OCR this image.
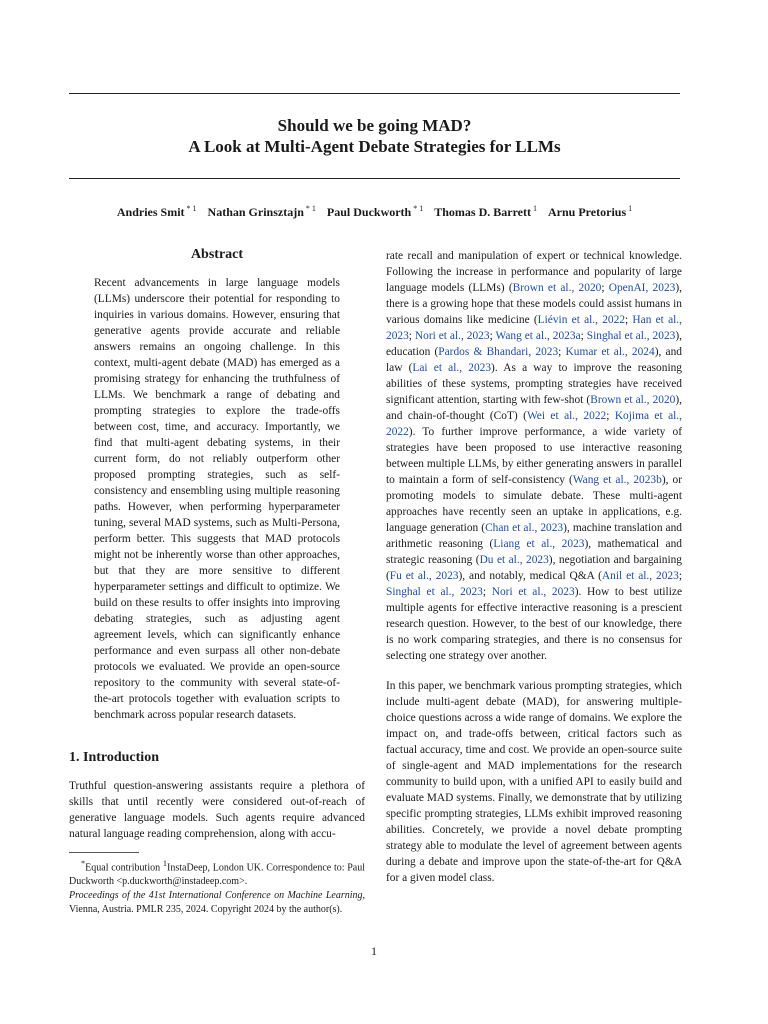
Should we be going MAD?
A Look at Multi-Agent Debate Strategies for LLMs
Andries Smit $^{* 1}$ Nathan Grinsztajn $^{* 1}$ Paul Duckworth $^{* 1}$ Thomas D. Barrett $^1$ Arnu Pretorius $^1$
Abstract

Recent advancements in large language models (LLMs) underscore their potential for responding to inquiries in various domains. However, ensuring that generative agents provide accurate and reliable answers remains an ongoing challenge. In this context, multi-agent debate (MAD) has emerged as a promising strategy for enhancing the truthfulness of LLMs. We benchmark a range of debating and prompting strategies to explore the trade-offs between cost, time, and accuracy. Importantly, we find that multi-agent debating systems, in their current form, do not reliably outperform other proposed prompting strategies, such as self-consistency and ensembling using multiple reasoning paths. However, when performing hyperparameter tuning, several MAD systems, such as Multi-Persona, perform better. This suggests that MAD protocols might not be inherently worse than other approaches, but that they are more sensitive to different hyperparameter settings and difficult to optimize. We build on these results to offer insights into improving debating strategies, such as adjusting agent agreement levels, which can significantly enhance performance and even surpass all other non-debate protocols we evaluated. We provide an open-source repository to the community with several state-of-the-art protocols together with evaluation scripts to benchmark across popular research datasets.

1. Introduction

Truthful question-answering assistants require a plethora of skills that until recently were considered out-of-reach of generative language models. Such agents require advanced natural language reading comprehension, along with accu-

*Equal contribution $^1$InstaDeep, London UK. Correspondence to: Paul Duckworth <p.duckworth@instadeep.com>.

Proceedings of the 41st International Conference on Machine Learning, Vienna, Austria. PMLR 235, 2024. Copyright 2024 by the author(s).

rate recall and manipulation of expert or technical knowledge. Following the increase in performance and popularity of large language models (LLMs) (Brown et al., 2020; OpenAI, 2023), there is a growing hope that these models could assist humans in various domains like medicine (Liévin et al., 2022; Han et al., 2023; Nori et al., 2023; Wang et al., 2023a; Singhal et al., 2023), education (Pardos & Bhandari, 2023; Kumar et al., 2024), and law (Lai et al., 2023). As a way to improve the reasoning abilities of these systems, prompting strategies have received significant attention, starting with few-shot (Brown et al., 2020), and chain-of-thought (CoT) (Wei et al., 2022; Kojima et al., 2022). To further improve performance, a wide variety of strategies have been proposed to use interactive reasoning between multiple LLMs, by either generating answers in parallel to maintain a form of self-consistency (Wang et al., 2023b), or promoting models to simulate debate. These multi-agent approaches have recently seen an uptake in applications, e.g. language generation (Chan et al., 2023), machine translation and arithmetic reasoning (Liang et al., 2023), mathematical and strategic reasoning (Du et al., 2023), negotiation and bargaining (Fu et al., 2023), and notably, medical Q&A (Anil et al., 2023; Singhal et al., 2023; Nori et al., 2023). How to best utilize multiple agents for effective interactive reasoning is a prescient research question. However, to the best of our knowledge, there is no work comparing strategies, and there is no consensus for selecting one strategy over another.

In this paper, we benchmark various prompting strategies, which include multi-agent debate (MAD), for answering multiple-choice questions across a wide range of domains. We explore the impact on, and trade-offs between, critical factors such as factual accuracy, time and cost. We provide an open-source suite of single-agent and MAD implementations for the research community to build upon, with a unified API to easily build and evaluate MAD systems. Finally, we demonstrate that by utilizing specific prompting strategies, LLMs exhibit improved reasoning abilities. Concretely, we provide a novel debate prompting strategy able to modulate the level of agreement between agents during a debate and improve upon the state-of-the-art for Q&A for a given model class.

1
